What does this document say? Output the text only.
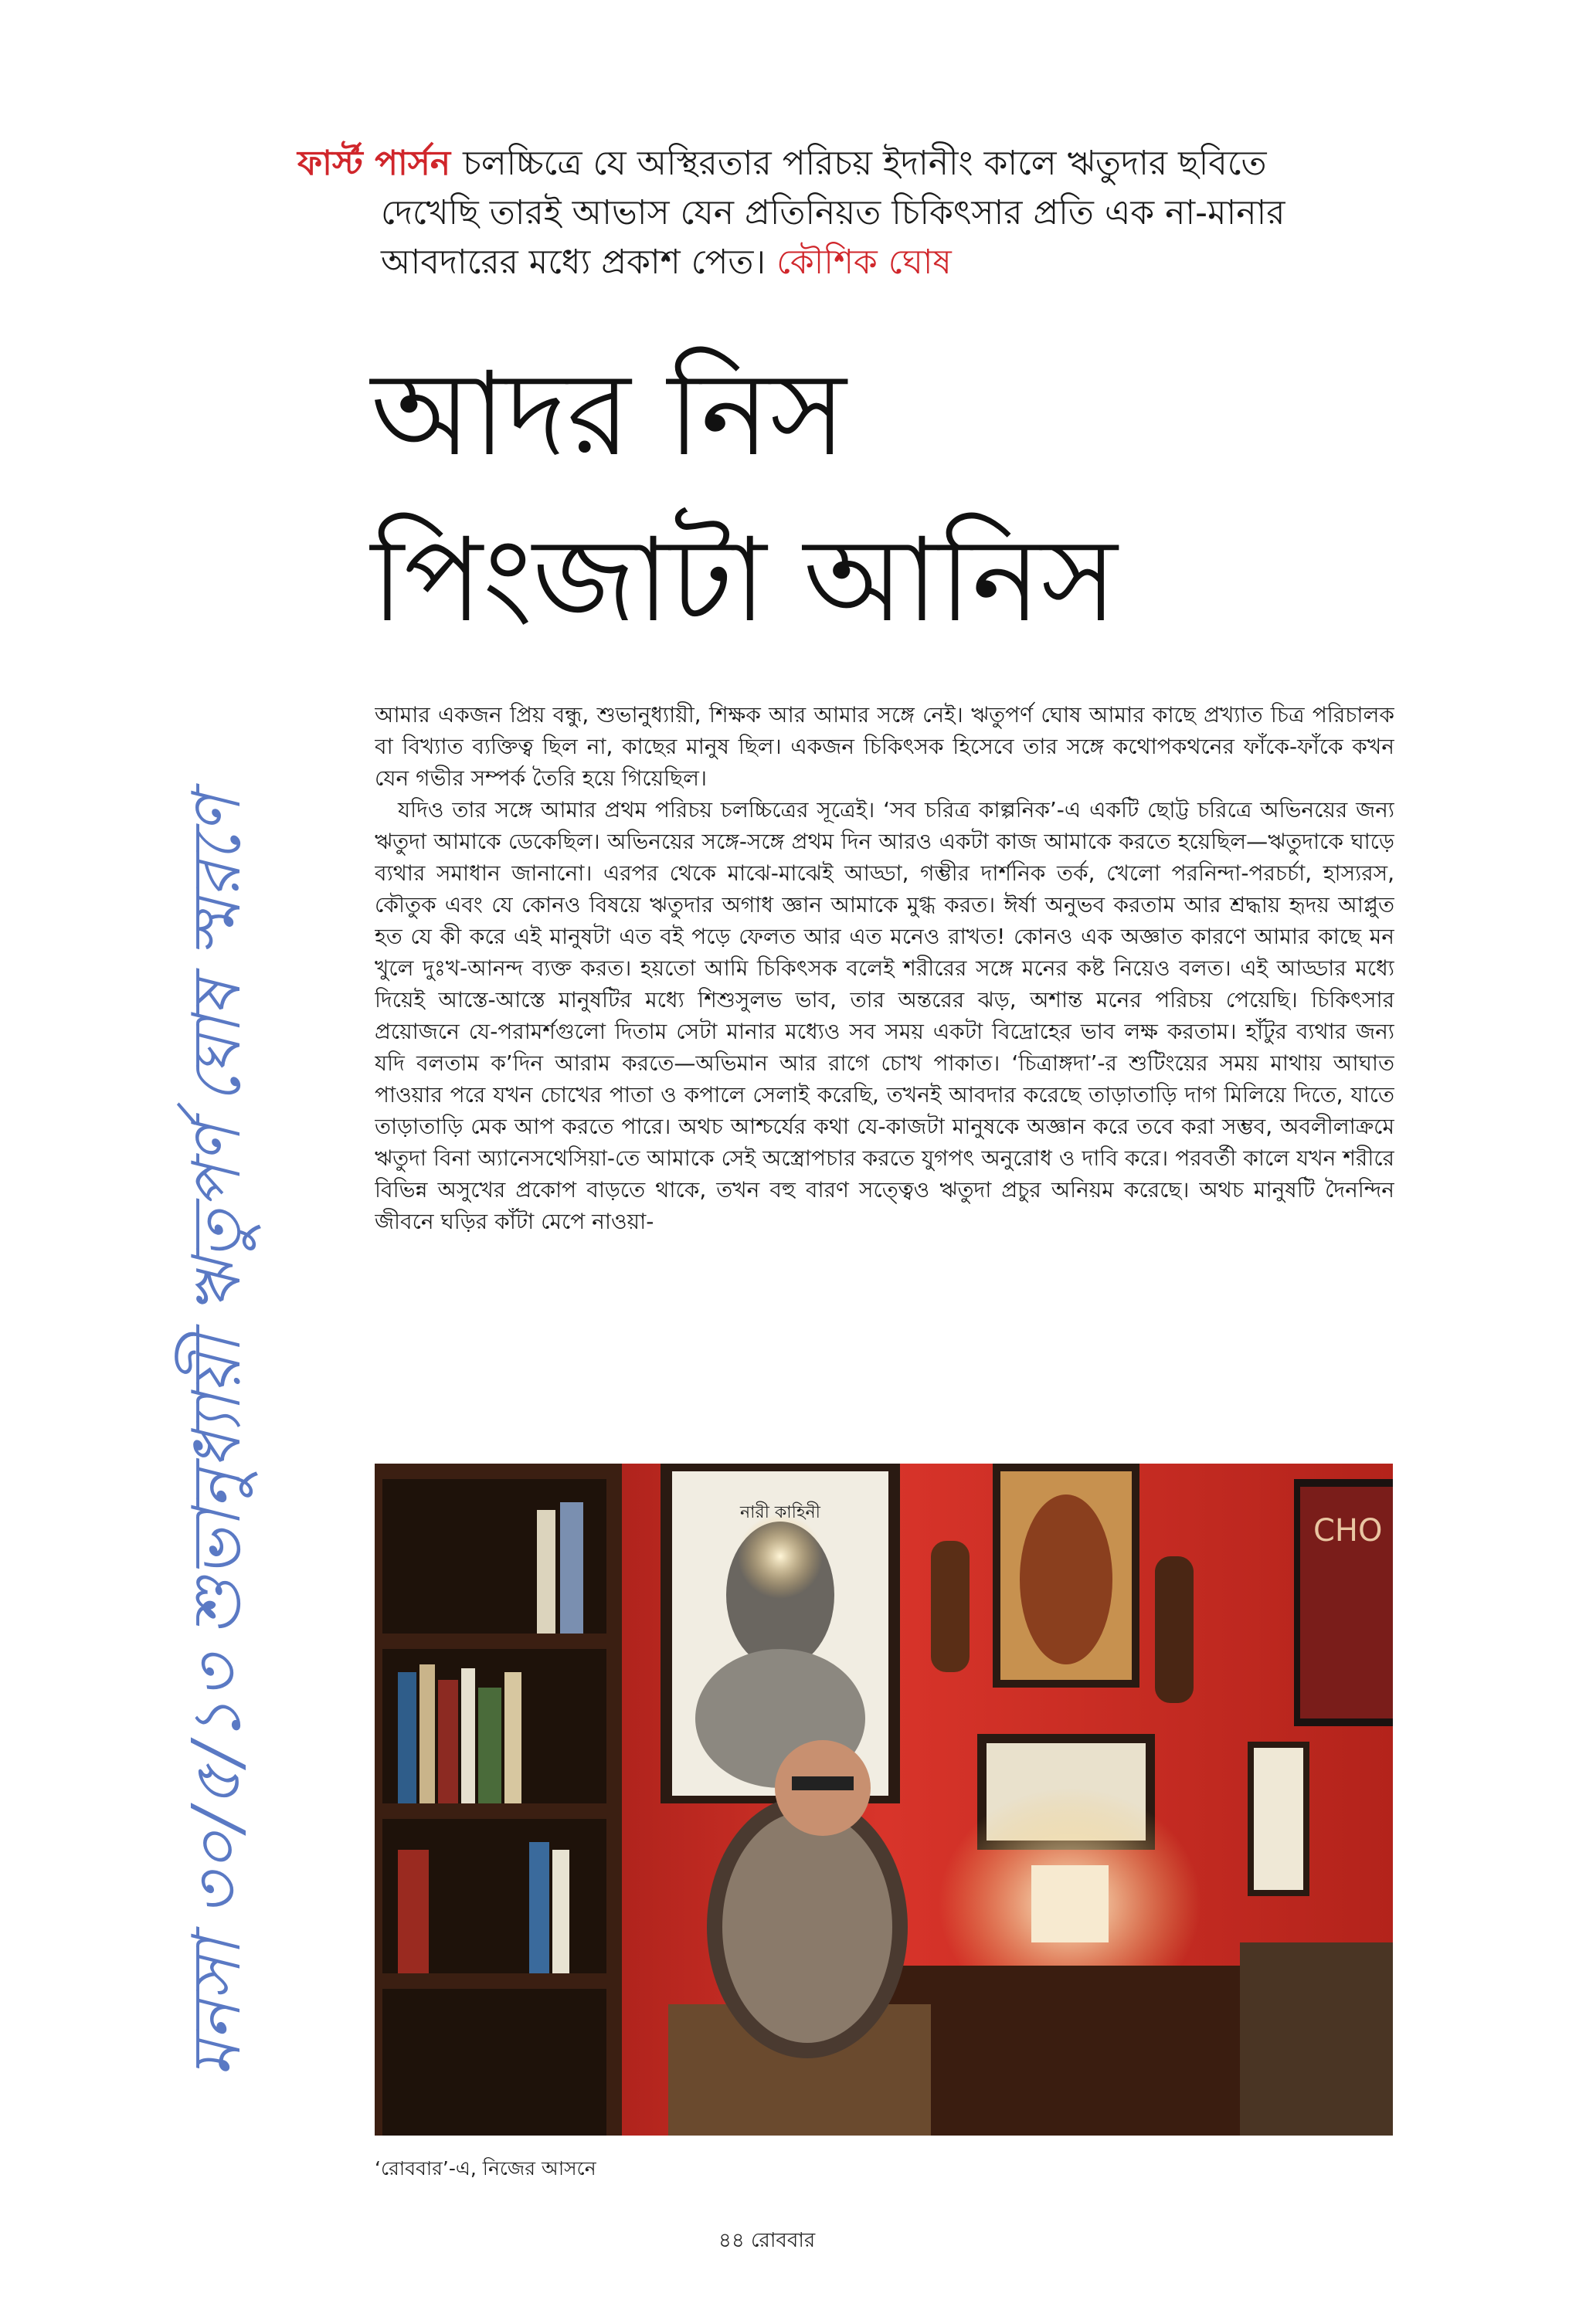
মনসা ৩০/৫/১৩ শুভানুধ্যায়ী ঋতুপর্ণ ঘোষ স্মরণে
ফার্স্ট পার্সন চলচ্চিত্রে যে অস্থিরতার পরিচয় ইদানীং কালে ঋতুদার ছবিতে
দেখেছি তারই আভাস যেন প্রতিনিয়ত চিকিৎসার প্রতি এক না-মানার
আবদারের মধ্যে প্রকাশ পেত। কৌশিক ঘোষ
আদর নিস
পিংজাটা আনিস

আমার একজন প্রিয় বন্ধু, শুভানুধ্যায়ী, শিক্ষক আর আমার সঙ্গে নেই। ঋতুপর্ণ ঘোষ আমার কাছে প্রখ্যাত চিত্র পরিচালক বা বিখ্যাত ব্যক্তিত্ব ছিল না, কাছের মানুষ ছিল। একজন চিকিৎসক হিসেবে তার সঙ্গে কথোপকথনের ফাঁকে-ফাঁকে কখন যেন গভীর সম্পর্ক তৈরি হয়ে গিয়েছিল।

যদিও তার সঙ্গে আমার প্রথম পরিচয় চলচ্চিত্রের সূত্রেই। ‘সব চরিত্র কাল্পনিক’-এ একটি ছোট্ট চরিত্রে অভিনয়ের জন্য ঋতুদা আমাকে ডেকেছিল। অভিনয়ের সঙ্গে-সঙ্গে প্রথম দিন আরও একটা কাজ আমাকে করতে হয়েছিল—ঋতুদাকে ঘাড়ে ব্যথার সমাধান জানানো। এরপর থেকে মাঝে-মাঝেই আড্ডা, গম্ভীর দার্শনিক তর্ক, খেলো পরনিন্দা-পরচর্চা, হাস্যরস, কৌতুক এবং যে কোনও বিষয়ে ঋতুদার অগাধ জ্ঞান আমাকে মুগ্ধ করত। ঈর্ষা অনুভব করতাম আর শ্রদ্ধায় হৃদয় আপ্লুত হত যে কী করে এই মানুষটা এত বই পড়ে ফেলত আর এত মনেও রাখত! কোনও এক অজ্ঞাত কারণে আমার কাছে মন খুলে দুঃখ-আনন্দ ব্যক্ত করত। হয়তো আমি চিকিৎসক বলেই শরীরের সঙ্গে মনের কষ্ট নিয়েও বলত। এই আড্ডার মধ্যে দিয়েই আস্তে-আস্তে মানুষটির মধ্যে শিশুসুলভ ভাব, তার অন্তরের ঝড়, অশান্ত মনের পরিচয় পেয়েছি। চিকিৎসার প্রয়োজনে যে-পরামর্শগুলো দিতাম সেটা মানার মধ্যেও সব সময় একটা বিদ্রোহের ভাব লক্ষ করতাম। হাঁটুর ব্যথার জন্য যদি বলতাম ক’দিন আরাম করতে—অভিমান আর রাগে চোখ পাকাত। ‘চিত্রাঙ্গদা’-র শুটিংয়ের সময় মাথায় আঘাত পাওয়ার পরে যখন চোখের পাতা ও কপালে সেলাই করেছি, তখনই আবদার করেছে তাড়াতাড়ি দাগ মিলিয়ে দিতে, যাতে তাড়াতাড়ি মেক আপ করতে পারে। অথচ আশ্চর্যের কথা যে-কাজটা মানুষকে অজ্ঞান করে তবে করা সম্ভব, অবলীলাক্রমে ঋতুদা বিনা অ্যানেসথেসিয়া-তে আমাকে সেই অস্ত্রোপচার করতে যুগপৎ অনুরোধ ও দাবি করে। পরবর্তী কালে যখন শরীরে বিভিন্ন অসুখের প্রকোপ বাড়তে থাকে, তখন বহু বারণ সত্ত্বেও ঋতুদা প্রচুর অনিয়ম করেছে। অথচ মানুষটি দৈনন্দিন জীবনে ঘড়ির কাঁটা মেপে নাওয়া-

নারী কাহিনী
CHO
‘রোববার’-এ, নিজের আসনে
৪৪ রোববার
